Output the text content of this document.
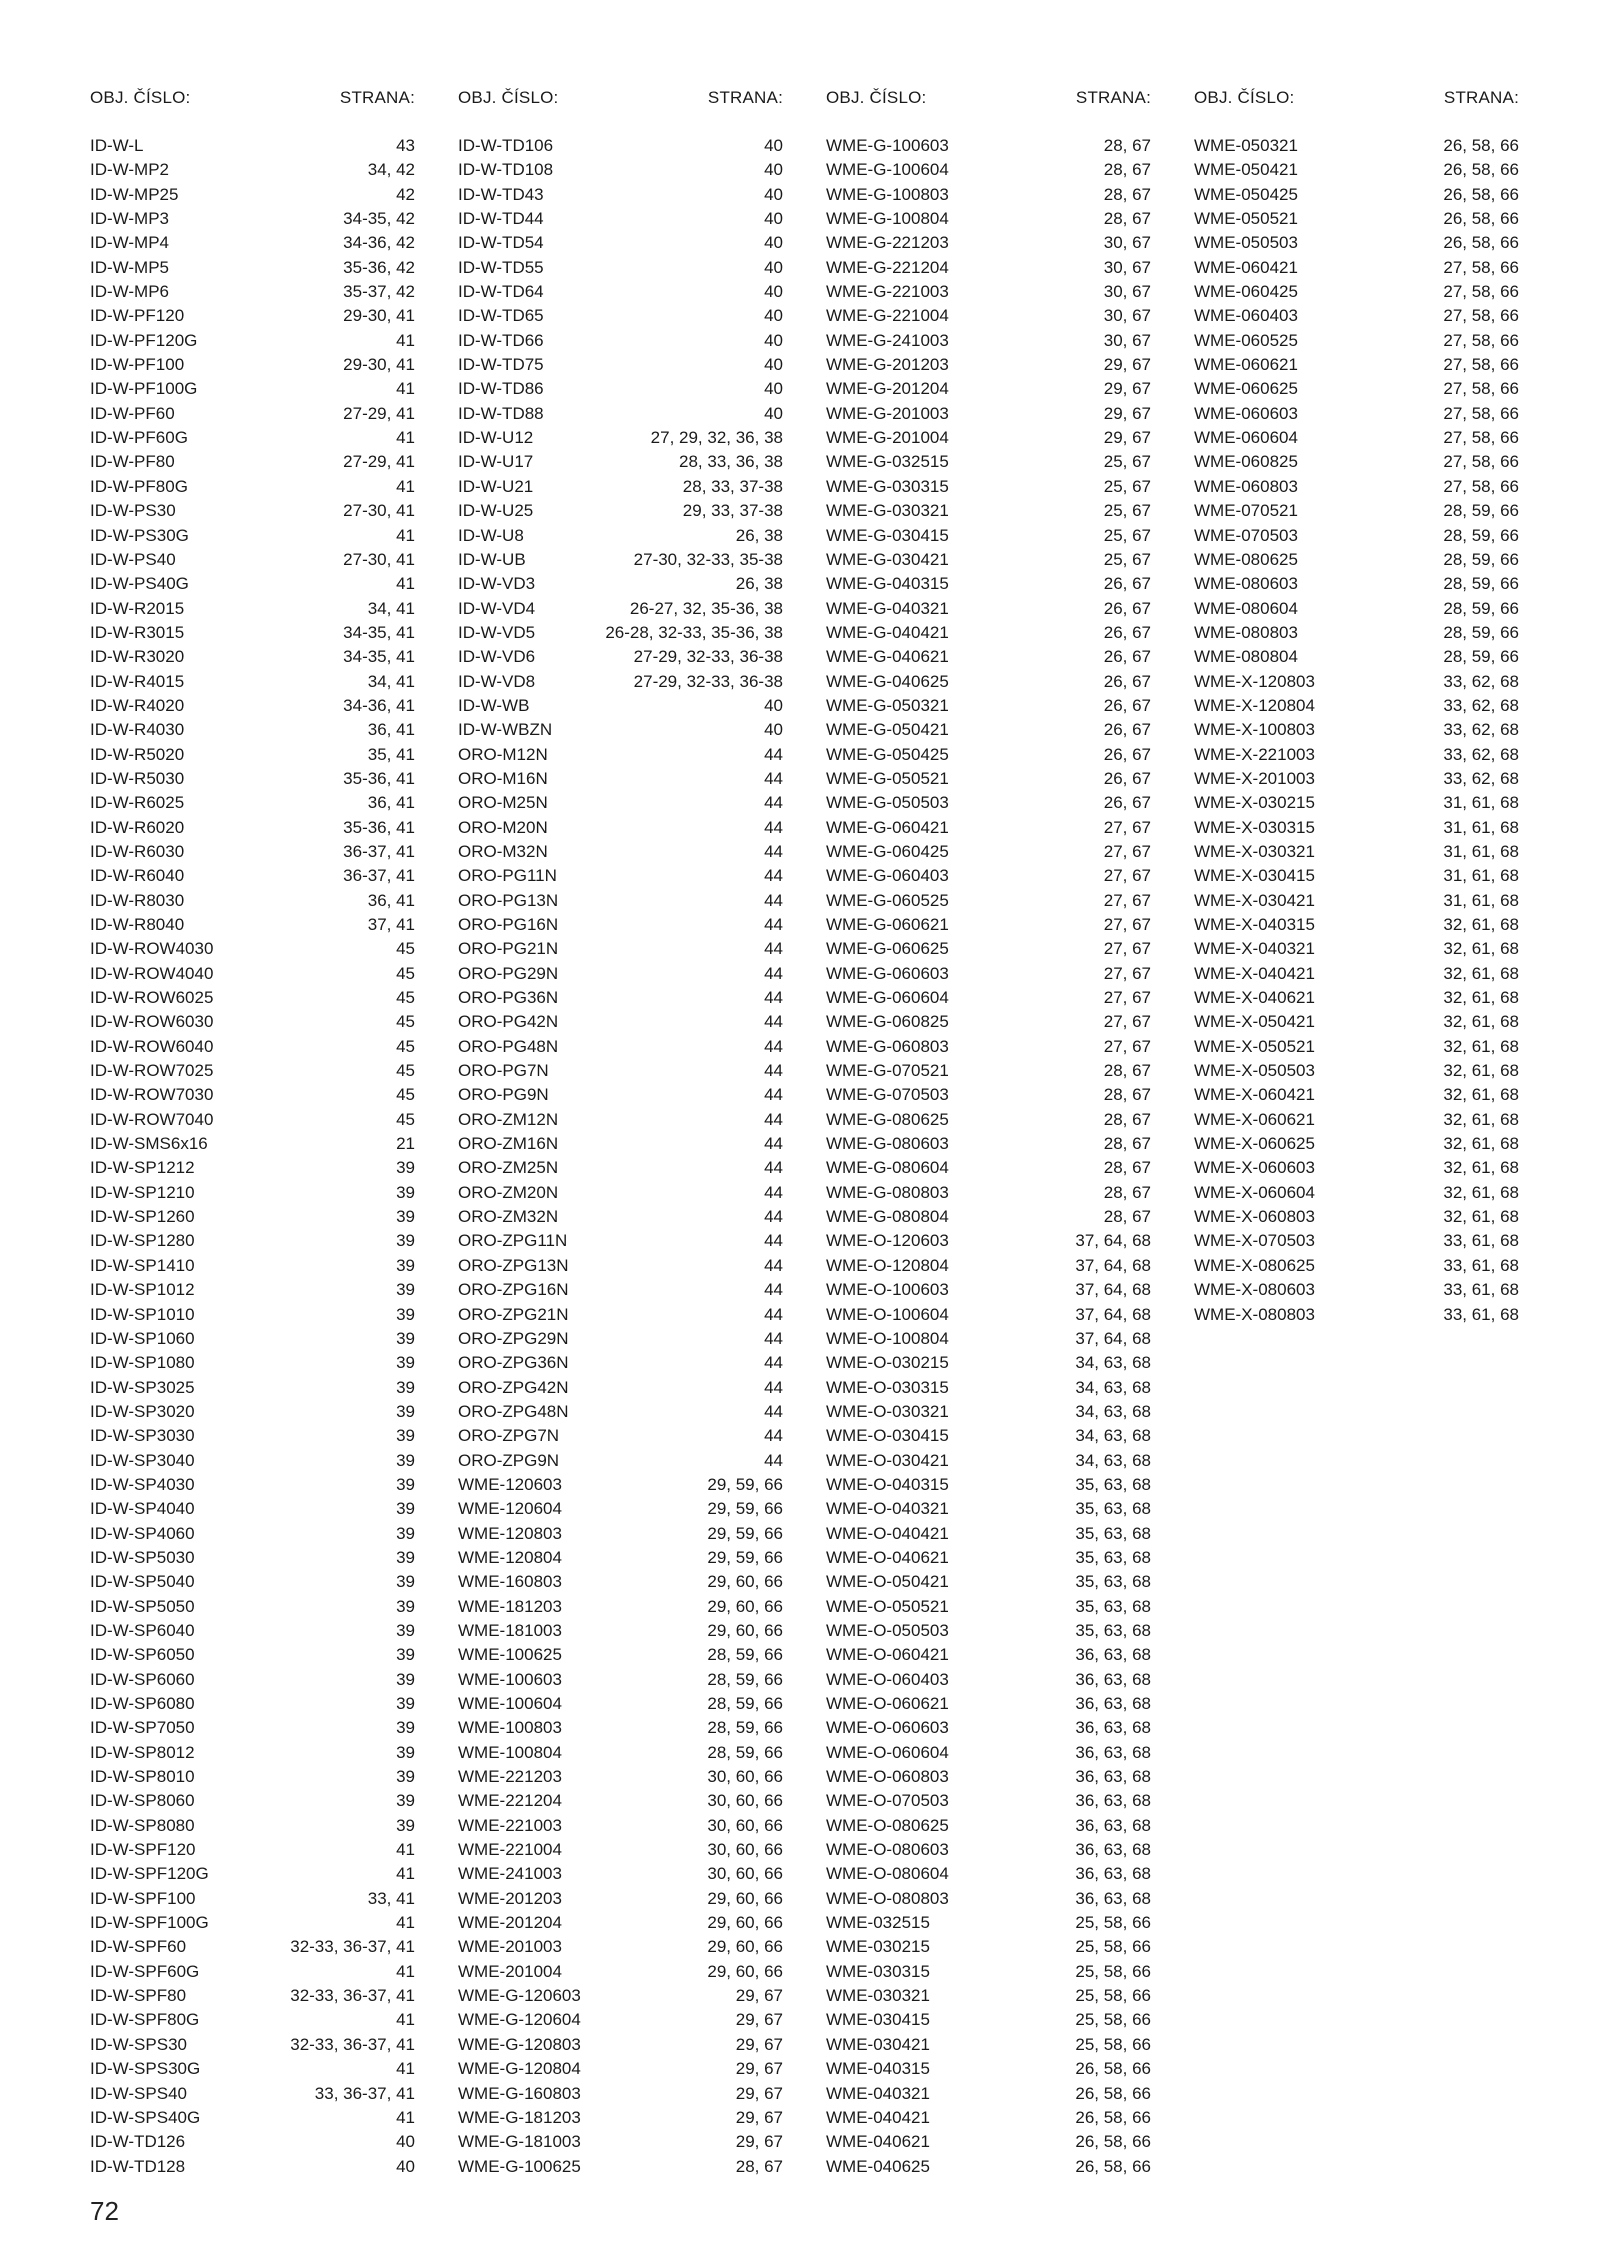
OBJ. ČÍSLO:	STRANA:
ID-W-L	43
ID-W-MP2	34, 42
ID-W-MP25	42
ID-W-MP3	34-35, 42
ID-W-MP4	34-36, 42
ID-W-MP5	35-36, 42
ID-W-MP6	35-37, 42
ID-W-PF120	29-30, 41
ID-W-PF120G	41
ID-W-PF100	29-30, 41
ID-W-PF100G	41
ID-W-PF60	27-29, 41
ID-W-PF60G	41
ID-W-PF80	27-29, 41
ID-W-PF80G	41
ID-W-PS30	27-30, 41
ID-W-PS30G	41
ID-W-PS40	27-30, 41
ID-W-PS40G	41
ID-W-R2015	34, 41
ID-W-R3015	34-35, 41
ID-W-R3020	34-35, 41
ID-W-R4015	34, 41
ID-W-R4020	34-36, 41
ID-W-R4030	36, 41
ID-W-R5020	35, 41
ID-W-R5030	35-36, 41
ID-W-R6025	36, 41
ID-W-R6020	35-36, 41
ID-W-R6030	36-37, 41
ID-W-R6040	36-37, 41
ID-W-R8030	36, 41
ID-W-R8040	37, 41
ID-W-ROW4030	45
ID-W-ROW4040	45
ID-W-ROW6025	45
ID-W-ROW6030	45
ID-W-ROW6040	45
ID-W-ROW7025	45
ID-W-ROW7030	45
ID-W-ROW7040	45
ID-W-SMS6x16	21
ID-W-SP1212	39
ID-W-SP1210	39
ID-W-SP1260	39
ID-W-SP1280	39
ID-W-SP1410	39
ID-W-SP1012	39
ID-W-SP1010	39
ID-W-SP1060	39
ID-W-SP1080	39
ID-W-SP3025	39
ID-W-SP3020	39
ID-W-SP3030	39
ID-W-SP3040	39
ID-W-SP4030	39
ID-W-SP4040	39
ID-W-SP4060	39
ID-W-SP5030	39
ID-W-SP5040	39
ID-W-SP5050	39
ID-W-SP6040	39
ID-W-SP6050	39
ID-W-SP6060	39
ID-W-SP6080	39
ID-W-SP7050	39
ID-W-SP8012	39
ID-W-SP8010	39
ID-W-SP8060	39
ID-W-SP8080	39
ID-W-SPF120	41
ID-W-SPF120G	41
ID-W-SPF100	33, 41
ID-W-SPF100G	41
ID-W-SPF60	32-33, 36-37, 41
ID-W-SPF60G	41
ID-W-SPF80	32-33, 36-37, 41
ID-W-SPF80G	41
ID-W-SPS30	32-33, 36-37, 41
ID-W-SPS30G	41
ID-W-SPS40	33, 36-37, 41
ID-W-SPS40G	41
ID-W-TD126	40
ID-W-TD128	40
OBJ. ČÍSLO:	STRANA:
ID-W-TD106	40
ID-W-TD108	40
ID-W-TD43	40
ID-W-TD44	40
ID-W-TD54	40
ID-W-TD55	40
ID-W-TD64	40
ID-W-TD65	40
ID-W-TD66	40
ID-W-TD75	40
ID-W-TD86	40
ID-W-TD88	40
ID-W-U12	27, 29, 32, 36, 38
ID-W-U17	28, 33, 36, 38
ID-W-U21	28, 33, 37-38
ID-W-U25	29, 33, 37-38
ID-W-U8	26, 38
ID-W-UB	27-30, 32-33, 35-38
ID-W-VD3	26, 38
ID-W-VD4	26-27, 32, 35-36, 38
ID-W-VD5	26-28, 32-33, 35-36, 38
ID-W-VD6	27-29, 32-33, 36-38
ID-W-VD8	27-29, 32-33, 36-38
ID-W-WB	40
ID-W-WBZN	40
ORO-M12N	44
ORO-M16N	44
ORO-M25N	44
ORO-M20N	44
ORO-M32N	44
ORO-PG11N	44
ORO-PG13N	44
ORO-PG16N	44
ORO-PG21N	44
ORO-PG29N	44
ORO-PG36N	44
ORO-PG42N	44
ORO-PG48N	44
ORO-PG7N	44
ORO-PG9N	44
ORO-ZM12N	44
ORO-ZM16N	44
ORO-ZM25N	44
ORO-ZM20N	44
ORO-ZM32N	44
ORO-ZPG11N	44
ORO-ZPG13N	44
ORO-ZPG16N	44
ORO-ZPG21N	44
ORO-ZPG29N	44
ORO-ZPG36N	44
ORO-ZPG42N	44
ORO-ZPG48N	44
ORO-ZPG7N	44
ORO-ZPG9N	44
WME-120603	29, 59, 66
WME-120604	29, 59, 66
WME-120803	29, 59, 66
WME-120804	29, 59, 66
WME-160803	29, 60, 66
WME-181203	29, 60, 66
WME-181003	29, 60, 66
WME-100625	28, 59, 66
WME-100603	28, 59, 66
WME-100604	28, 59, 66
WME-100803	28, 59, 66
WME-100804	28, 59, 66
WME-221203	30, 60, 66
WME-221204	30, 60, 66
WME-221003	30, 60, 66
WME-221004	30, 60, 66
WME-241003	30, 60, 66
WME-201203	29, 60, 66
WME-201204	29, 60, 66
WME-201003	29, 60, 66
WME-201004	29, 60, 66
WME-G-120603	29, 67
WME-G-120604	29, 67
WME-G-120803	29, 67
WME-G-120804	29, 67
WME-G-160803	29, 67
WME-G-181203	29, 67
WME-G-181003	29, 67
WME-G-100625	28, 67
OBJ. ČÍSLO:	STRANA:
WME-G-100603	28, 67
WME-G-100604	28, 67
WME-G-100803	28, 67
WME-G-100804	28, 67
WME-G-221203	30, 67
WME-G-221204	30, 67
WME-G-221003	30, 67
WME-G-221004	30, 67
WME-G-241003	30, 67
WME-G-201203	29, 67
WME-G-201204	29, 67
WME-G-201003	29, 67
WME-G-201004	29, 67
WME-G-032515	25, 67
WME-G-030315	25, 67
WME-G-030321	25, 67
WME-G-030415	25, 67
WME-G-030421	25, 67
WME-G-040315	26, 67
WME-G-040321	26, 67
WME-G-040421	26, 67
WME-G-040621	26, 67
WME-G-040625	26, 67
WME-G-050321	26, 67
WME-G-050421	26, 67
WME-G-050425	26, 67
WME-G-050521	26, 67
WME-G-050503	26, 67
WME-G-060421	27, 67
WME-G-060425	27, 67
WME-G-060403	27, 67
WME-G-060525	27, 67
WME-G-060621	27, 67
WME-G-060625	27, 67
WME-G-060603	27, 67
WME-G-060604	27, 67
WME-G-060825	27, 67
WME-G-060803	27, 67
WME-G-070521	28, 67
WME-G-070503	28, 67
WME-G-080625	28, 67
WME-G-080603	28, 67
WME-G-080604	28, 67
WME-G-080803	28, 67
WME-G-080804	28, 67
WME-O-120603	37, 64, 68
WME-O-120804	37, 64, 68
WME-O-100603	37, 64, 68
WME-O-100604	37, 64, 68
WME-O-100804	37, 64, 68
WME-O-030215	34, 63, 68
WME-O-030315	34, 63, 68
WME-O-030321	34, 63, 68
WME-O-030415	34, 63, 68
WME-O-030421	34, 63, 68
WME-O-040315	35, 63, 68
WME-O-040321	35, 63, 68
WME-O-040421	35, 63, 68
WME-O-040621	35, 63, 68
WME-O-050421	35, 63, 68
WME-O-050521	35, 63, 68
WME-O-050503	35, 63, 68
WME-O-060421	36, 63, 68
WME-O-060403	36, 63, 68
WME-O-060621	36, 63, 68
WME-O-060603	36, 63, 68
WME-O-060604	36, 63, 68
WME-O-060803	36, 63, 68
WME-O-070503	36, 63, 68
WME-O-080625	36, 63, 68
WME-O-080603	36, 63, 68
WME-O-080604	36, 63, 68
WME-O-080803	36, 63, 68
WME-032515	25, 58, 66
WME-030215	25, 58, 66
WME-030315	25, 58, 66
WME-030321	25, 58, 66
WME-030415	25, 58, 66
WME-030421	25, 58, 66
WME-040315	26, 58, 66
WME-040321	26, 58, 66
WME-040421	26, 58, 66
WME-040621	26, 58, 66
WME-040625	26, 58, 66
OBJ. ČÍSLO:	STRANA:
WME-050321	26, 58, 66
WME-050421	26, 58, 66
WME-050425	26, 58, 66
WME-050521	26, 58, 66
WME-050503	26, 58, 66
WME-060421	27, 58, 66
WME-060425	27, 58, 66
WME-060403	27, 58, 66
WME-060525	27, 58, 66
WME-060621	27, 58, 66
WME-060625	27, 58, 66
WME-060603	27, 58, 66
WME-060604	27, 58, 66
WME-060825	27, 58, 66
WME-060803	27, 58, 66
WME-070521	28, 59, 66
WME-070503	28, 59, 66
WME-080625	28, 59, 66
WME-080603	28, 59, 66
WME-080604	28, 59, 66
WME-080803	28, 59, 66
WME-080804	28, 59, 66
WME-X-120803	33, 62, 68
WME-X-120804	33, 62, 68
WME-X-100803	33, 62, 68
WME-X-221003	33, 62, 68
WME-X-201003	33, 62, 68
WME-X-030215	31, 61, 68
WME-X-030315	31, 61, 68
WME-X-030321	31, 61, 68
WME-X-030415	31, 61, 68
WME-X-030421	31, 61, 68
WME-X-040315	32, 61, 68
WME-X-040321	32, 61, 68
WME-X-040421	32, 61, 68
WME-X-040621	32, 61, 68
WME-X-050421	32, 61, 68
WME-X-050521	32, 61, 68
WME-X-050503	32, 61, 68
WME-X-060421	32, 61, 68
WME-X-060621	32, 61, 68
WME-X-060625	32, 61, 68
WME-X-060603	32, 61, 68
WME-X-060604	32, 61, 68
WME-X-060803	32, 61, 68
WME-X-070503	33, 61, 68
WME-X-080625	33, 61, 68
WME-X-080603	33, 61, 68
WME-X-080803	33, 61, 68
72
